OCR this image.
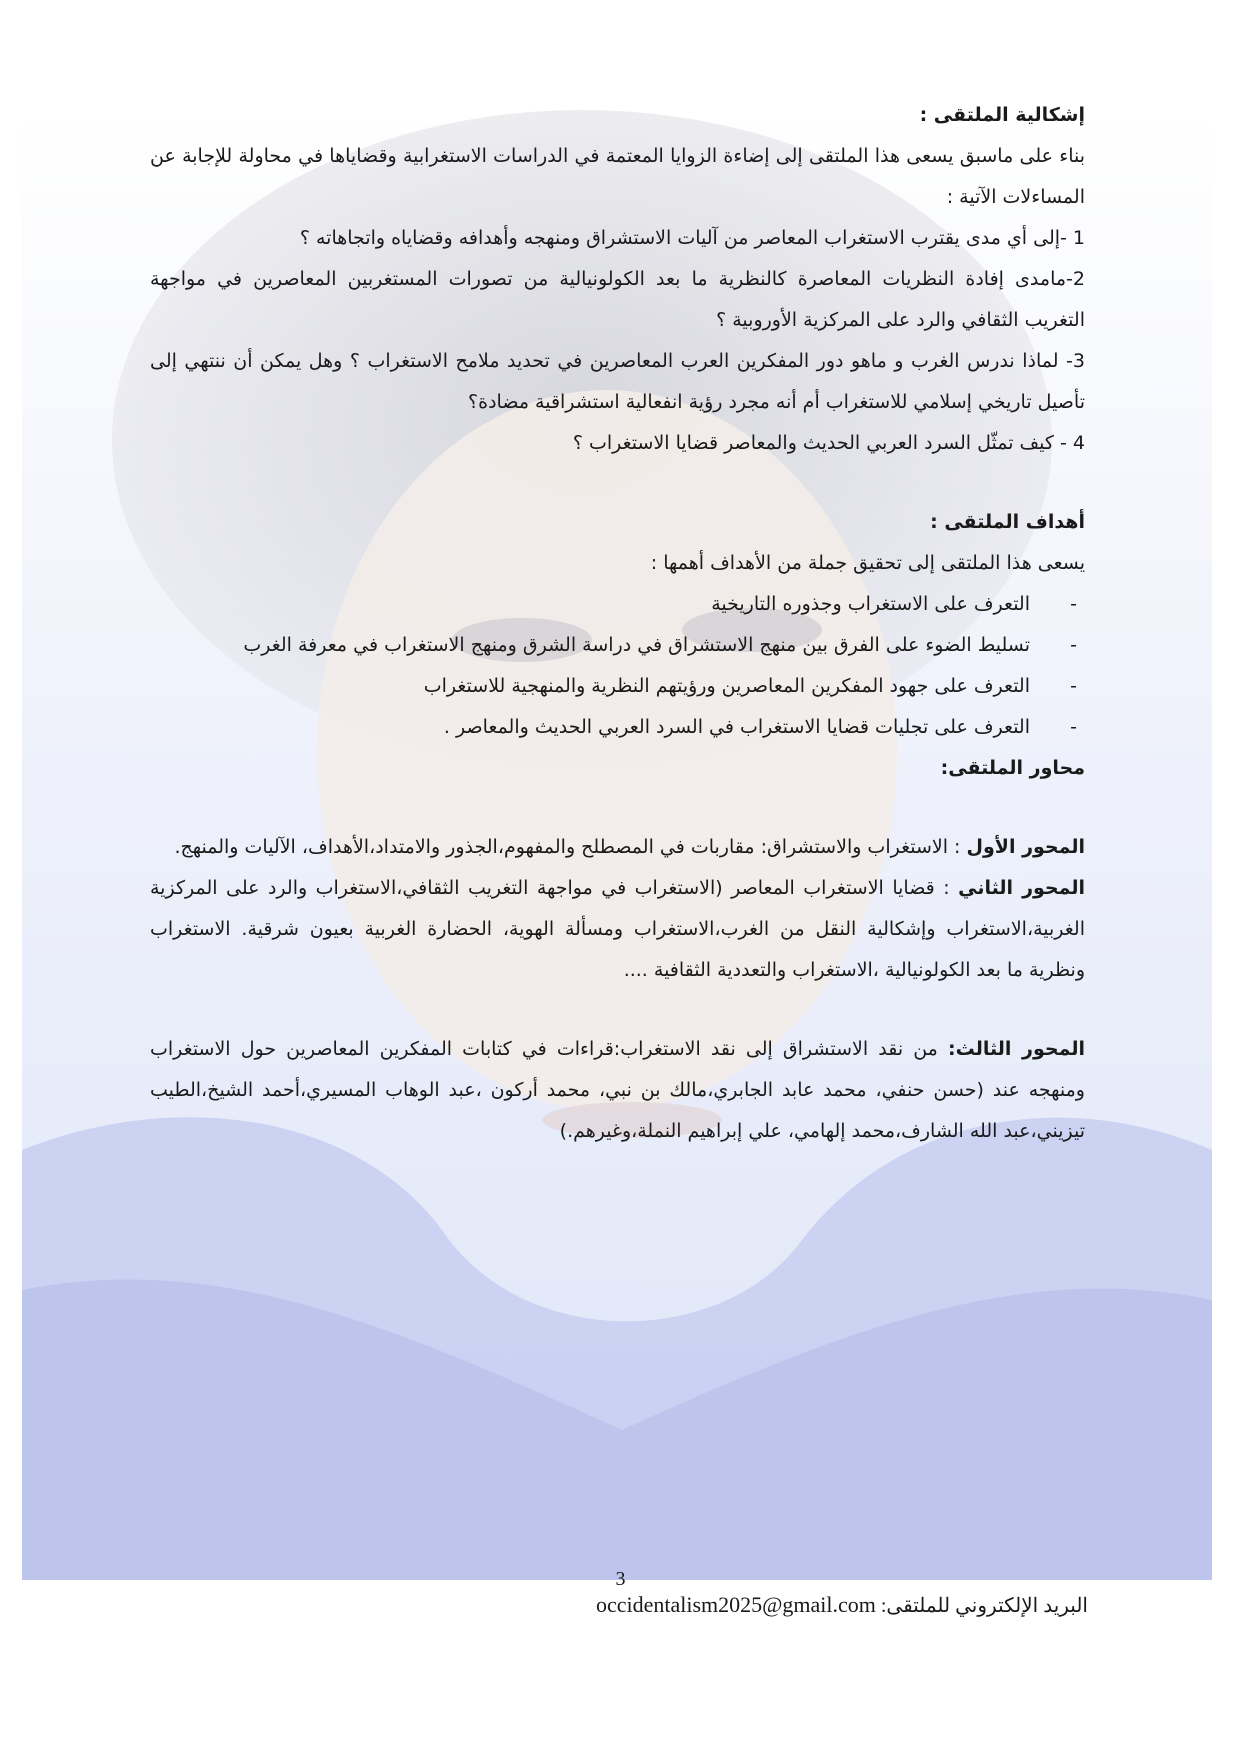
إشكالية الملتقى :

بناء على ماسبق يسعى هذا الملتقى إلى إضاءة الزوايا المعتمة في الدراسات الاستغرابية وقضاياها في محاولة للإجابة عن المساءلات الآتية :

1 -إلى أي مدى يقترب الاستغراب المعاصر من آليات الاستشراق ومنهجه وأهدافه وقضاياه واتجاهاته ؟

2-مامدى إفادة النظريات المعاصرة كالنظرية ما بعد الكولونيالية من تصورات المستغربين المعاصرين في مواجهة التغريب الثقافي والرد على المركزية الأوروبية ؟

3- لماذا ندرس الغرب و ماهو دور المفكرين العرب المعاصرين في تحديد ملامح الاستغراب ؟ وهل يمكن أن ننتهي إلى تأصيل تاريخي إسلامي للاستغراب أم أنه مجرد رؤية انفعالية استشراقية مضادة؟

4 - كيف تمثّل السرد العربي الحديث والمعاصر قضايا الاستغراب ؟

أهداف الملتقى :

يسعى هذا الملتقى إلى تحقيق جملة من الأهداف أهمها :

-
التعرف على الاستغراب وجذوره التاريخية
-
تسليط الضوء على الفرق بين منهج الاستشراق في دراسة الشرق ومنهج الاستغراب في معرفة الغرب
-
التعرف على جهود المفكرين المعاصرين ورؤيتهم النظرية والمنهجية للاستغراب
-
التعرف على تجليات قضايا الاستغراب في السرد العربي الحديث والمعاصر .

محاور الملتقى:

المحور الأول : الاستغراب والاستشراق: مقاربات في المصطلح والمفهوم،الجذور والامتداد،الأهداف، الآليات والمنهج.

المحور الثاني : قضايا الاستغراب المعاصر (الاستغراب في مواجهة التغريب الثقافي،الاستغراب والرد على المركزية الغربية،الاستغراب وإشكالية النقل من الغرب،الاستغراب ومسألة الهوية، الحضارة الغربية بعيون شرقية. الاستغراب ونظرية ما بعد الكولونيالية ،الاستغراب والتعددية الثقافية ....

المحور الثالث: من نقد الاستشراق إلى نقد الاستغراب:قراءات في كتابات المفكرين المعاصرين حول الاستغراب ومنهجه عند (حسن حنفي، محمد عابد الجابري،مالك بن نبي، محمد أركون ،عبد الوهاب المسيري،أحمد الشيخ،الطيب تيزيني،عبد الله الشارف،محمد إلهامي، علي إبراهيم النملة،وغيرهم.)

3
البريد الإلكتروني للملتقى: occidentalism2025@gmail.com
